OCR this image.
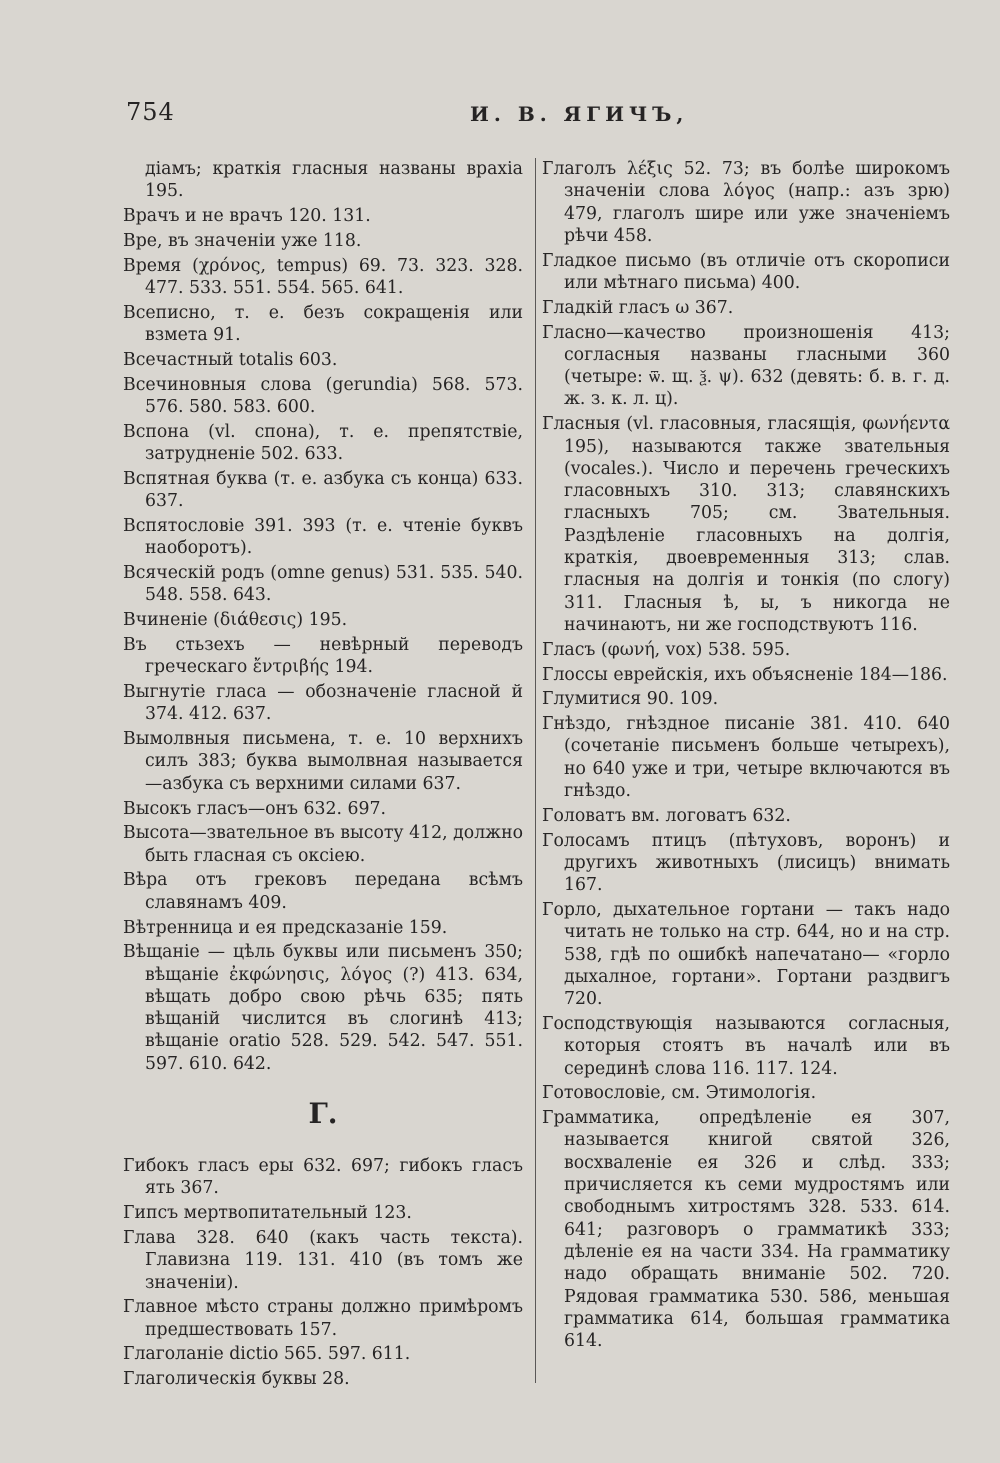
754	И. В. ЯГИЧЪ,

діамъ; краткія гласныя названы врахіа 195.

Врачъ и не врачъ 120. 131.

Вре, въ значеніи уже 118.

Время (χρόνος, tempus) 69. 73. 323. 328. 477. 533. 551. 554. 565. 641.

Всеписно, т. е. безъ сокращенія или взмета 91.

Всечастный totalis 603.

Всечиновныя слова (gerundia) 568. 573. 576. 580. 583. 600.

Вспона (vl. спона), т. е. препятствіе, затрудненіе 502. 633.

Вспятная буква (т. е. азбука съ конца) 633. 637.

Вспятословіе 391. 393 (т. е. чтеніе буквъ наоборотъ).

Всяческій родъ (omne genus) 531. 535. 540. 548. 558. 643.

Вчиненіе (διάθεσις) 195.

Въ стьзехъ — невѣрный переводъ греческаго ἔντριβής 194.

Выгнутіе гласа — обозначеніе гласной й 374. 412. 637.

Вымолвныя письмена, т. е. 10 верхнихъ силъ 383; буква вымолвная называется —азбука съ верхними силами 637.

Высокъ гласъ—онъ 632. 697.

Высота—звательное въ высоту 412, должно быть гласная съ оксіею.

Вѣра отъ грековъ передана всѣмъ славянамъ 409.

Вѣтренница и ея предсказаніе 159.

Вѣщаніе — цѣль буквы или письменъ 350; вѣщаніе ἐκφώνησις, λόγος (?) 413. 634, вѣщать добро свою рѣчь 635; пять вѣщаній числится въ слогинѣ 413; вѣщаніе oratio 528. 529. 542. 547. 551. 597. 610. 642.

Г.

Гибокъ гласъ еры 632. 697; гибокъ гласъ ять 367.

Гипсъ мертвопитательный 123.

Глава 328. 640 (какъ часть текста). Главизна 119. 131. 410 (въ томъ же значеніи).

Главное мѣсто страны должно примѣромъ предшествовать 157.

Глаголаніе dictio 565. 597. 611.

Глаголическія буквы 28.

Глаголъ λέξις 52. 73; въ болѣе широкомъ значеніи слова λόγος (напр.: азъ зрю) 479, глаголъ шире или уже значеніемъ рѣчи 458.

Гладкое письмо (въ отличіе отъ скорописи или мѣтнаго письма) 400.

Гладкій гласъ ω 367.

Гласно—качество произношенія 413; согласныя названы гласными 360 (четыре: ѿ. щ. ѯ. ψ). 632 (девять: б. в. г. д. ж. з. к. л. ц).

Гласныя (vl. гласовныя, гласящія, φωνήεντα 195), называются также звательныя (vocales.). Число и перечень греческихъ гласовныхъ 310. 313; славянскихъ гласныхъ 705; см. Звательныя. Раздѣленіе гласовныхъ на долгія, краткія, двоевременныя 313; слав. гласныя на долгія и тонкія (по слогу) 311. Гласныя ѣ, ы, ъ никогда не начинаютъ, ни же господствуютъ 116.

Гласъ (φωνή, vox) 538. 595.

Глоссы еврейскія, ихъ объясненіе 184—186.

Глумитися 90. 109.

Гнѣздо, гнѣздное писаніе 381. 410. 640 (сочетаніе письменъ больше четырехъ), но 640 уже и три, четыре включаются въ гнѣздо.

Головатъ вм. логоватъ 632.

Голосамъ птицъ (пѣтуховъ, воронъ) и другихъ животныхъ (лисицъ) внимать 167.

Горло, дыхательное гортани — такъ надо читать не только на стр. 644, но и на стр. 538, гдѣ по ошибкѣ напечатано— «горло дыхалное, гортани». Гортани раздвигъ 720.

Господствующія называются согласныя, которыя стоятъ въ началѣ или въ серединѣ слова 116. 117. 124.

Готовословіе, см. Этимологія.

Грамматика, опредѣленіе ея 307, называется книгой святой 326, восхваленіе ея 326 и слѣд. 333; причисляется къ семи мудростямъ или свободнымъ хитростямъ 328. 533. 614. 641; разговоръ о грамматикѣ 333; дѣленіе ея на части 334. На грамматику надо обращать вниманіе 502. 720. Рядовая грамматика 530. 586, меньшая грамматика 614, большая грамматика 614.
